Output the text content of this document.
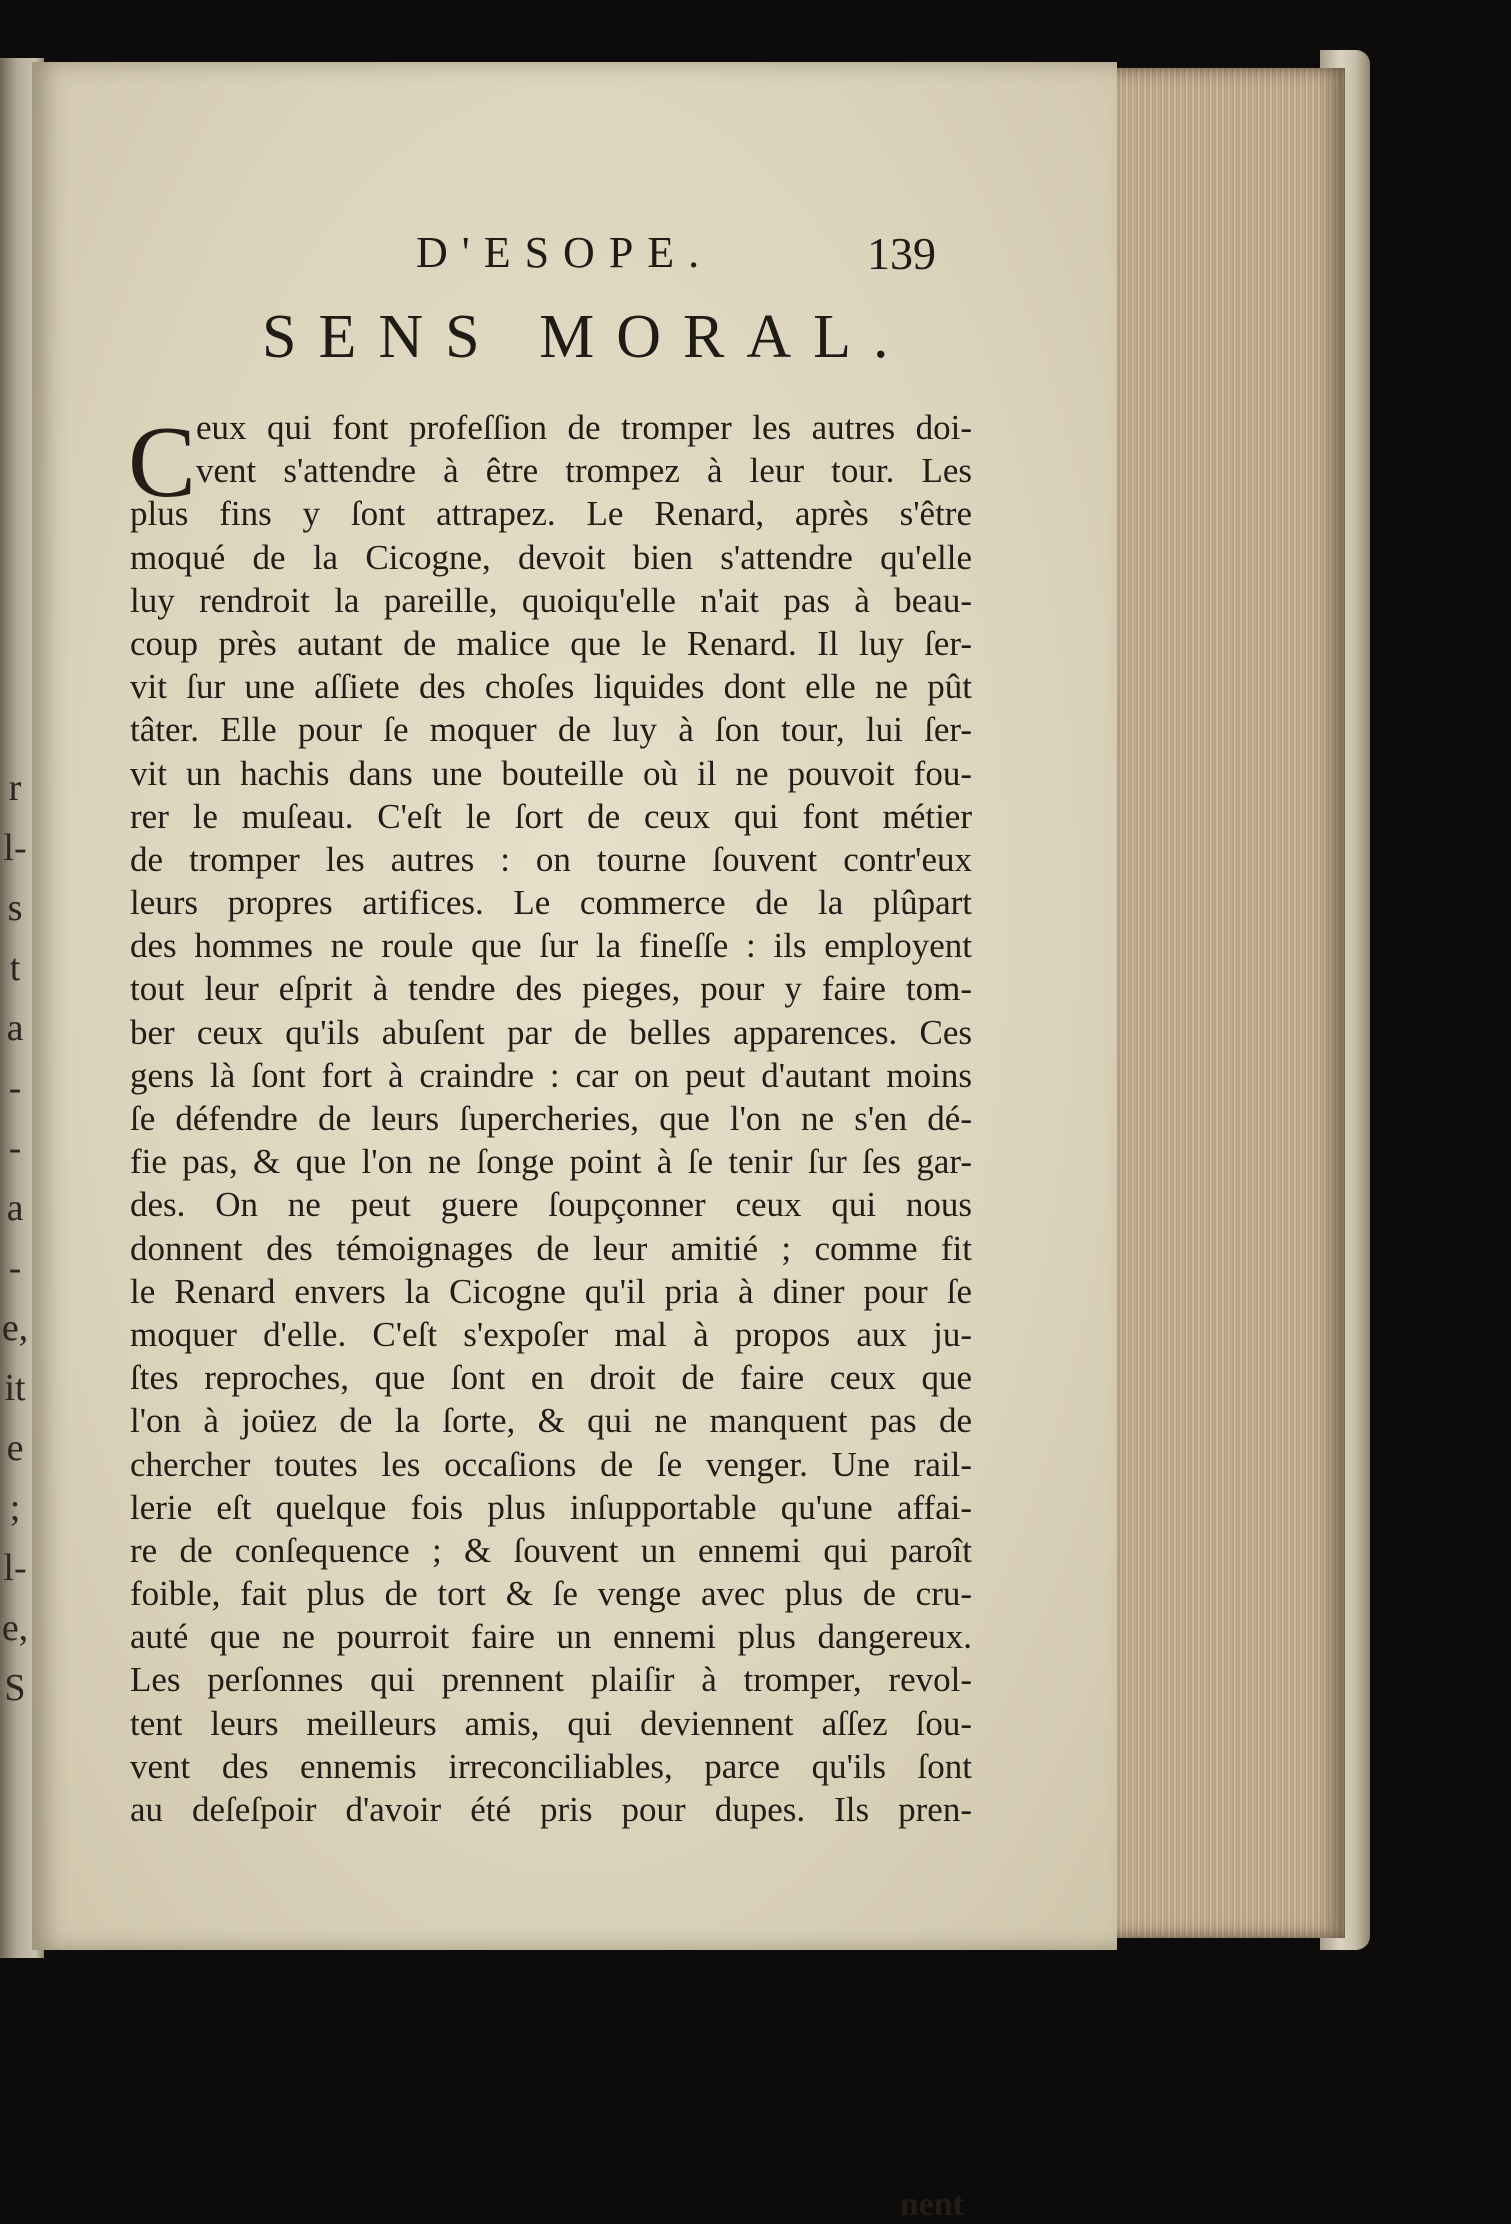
r
l-
s
t
a
-
-
a
-
e,
it
e
;
l-
e,
S
D'ESOPE.	139
SENS MORAL.
C eux qui font profeſſion de tromper les autres doi-
vent s'attendre à être trompez à leur tour. Les
plus fins y ſont attrapez. Le Renard, après s'être
moqué de la Cicogne, devoit bien s'attendre qu'elle
luy rendroit la pareille, quoiqu'elle n'ait pas à beau-
coup près autant de malice que le Renard. Il luy ſer-
vit ſur une aſſiete des choſes liquides dont elle ne pût
tâter. Elle pour ſe moquer de luy à ſon tour, lui ſer-
vit un hachis dans une bouteille où il ne pouvoit fou-
rer le muſeau. C'eſt le ſort de ceux qui font métier
de tromper les autres : on tourne ſouvent contr'eux
leurs propres artifices. Le commerce de la plûpart
des hommes ne roule que ſur la fineſſe : ils employent
tout leur eſprit à tendre des pieges, pour y faire tom-
ber ceux qu'ils abuſent par de belles apparences. Ces
gens là ſont fort à craindre : car on peut d'autant moins
ſe défendre de leurs ſupercheries, que l'on ne s'en dé-
fie pas, & que l'on ne ſonge point à ſe tenir ſur ſes gar-
des. On ne peut guere ſoupçonner ceux qui nous
donnent des témoignages de leur amitié ; comme fit
le Renard envers la Cicogne qu'il pria à diner pour ſe
moquer d'elle. C'eſt s'expoſer mal à propos aux ju-
ſtes reproches, que ſont en droit de faire ceux que
l'on à joüez de la ſorte, & qui ne manquent pas de
chercher toutes les occaſions de ſe venger. Une rail-
lerie eſt quelque fois plus inſupportable qu'une affai-
re de conſequence ; & ſouvent un ennemi qui paroît
foible, fait plus de tort & ſe venge avec plus de cru-
auté que ne pourroit faire un ennemi plus dangereux.
Les perſonnes qui prennent plaiſir à tromper, revol-
tent leurs meilleurs amis, qui deviennent aſſez ſou-
vent des ennemis irreconciliables, parce qu'ils ſont
au deſeſpoir d'avoir été pris pour dupes. Ils pren-
nent
